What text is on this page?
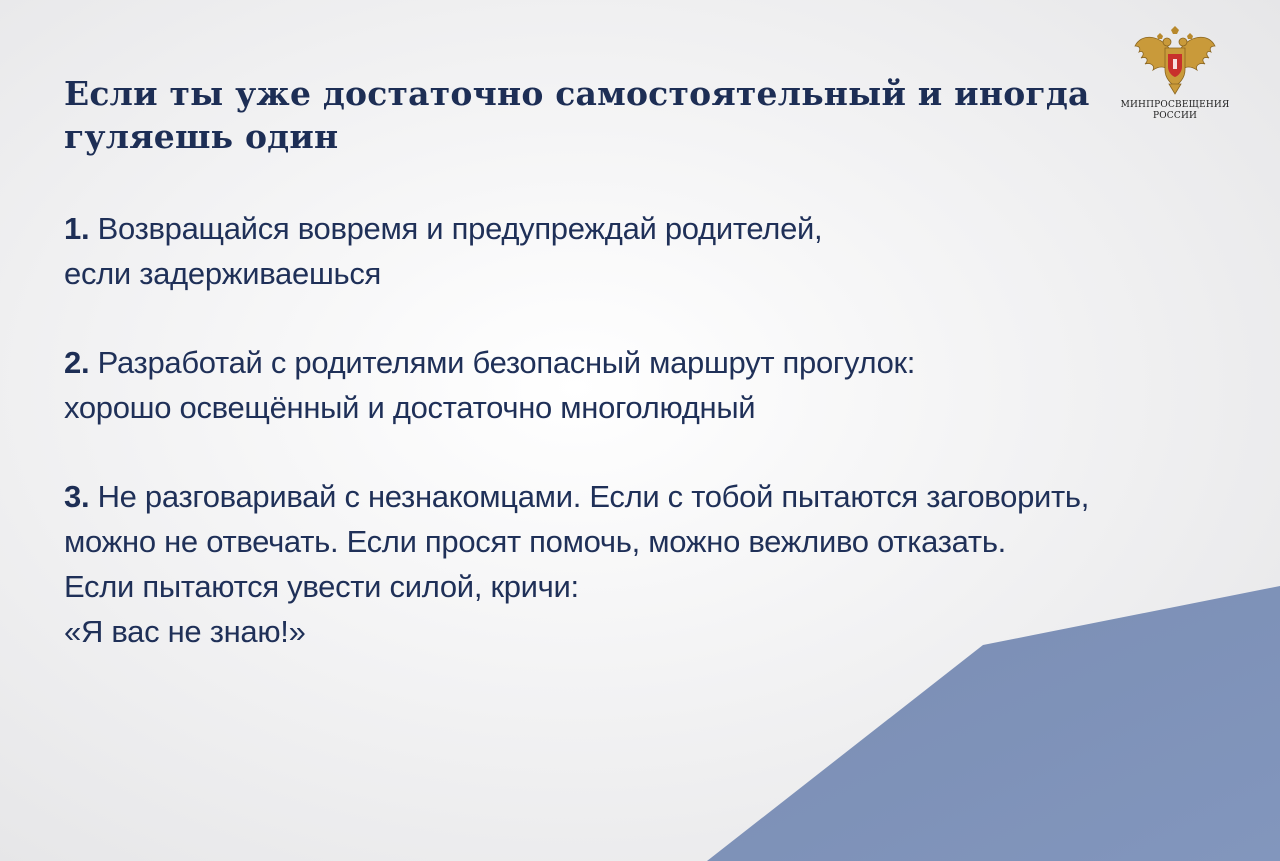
Если ты уже достаточно самостоятельный и иногда гуляешь один
МИНПРОСВЕЩЕНИЯ
РОССИИ

1. Возвращайся вовремя и предупреждай родителей,
если задерживаешься

2. Разработай с родителями безопасный маршрут прогулок:
хорошо освещённый и достаточно многолюдный

3. Не разговаривай с незнакомцами. Если с тобой пытаются заговорить,
можно не отвечать. Если просят помочь, можно вежливо отказать.
Если пытаются увести силой, кричи:
«Я вас не знаю!»
